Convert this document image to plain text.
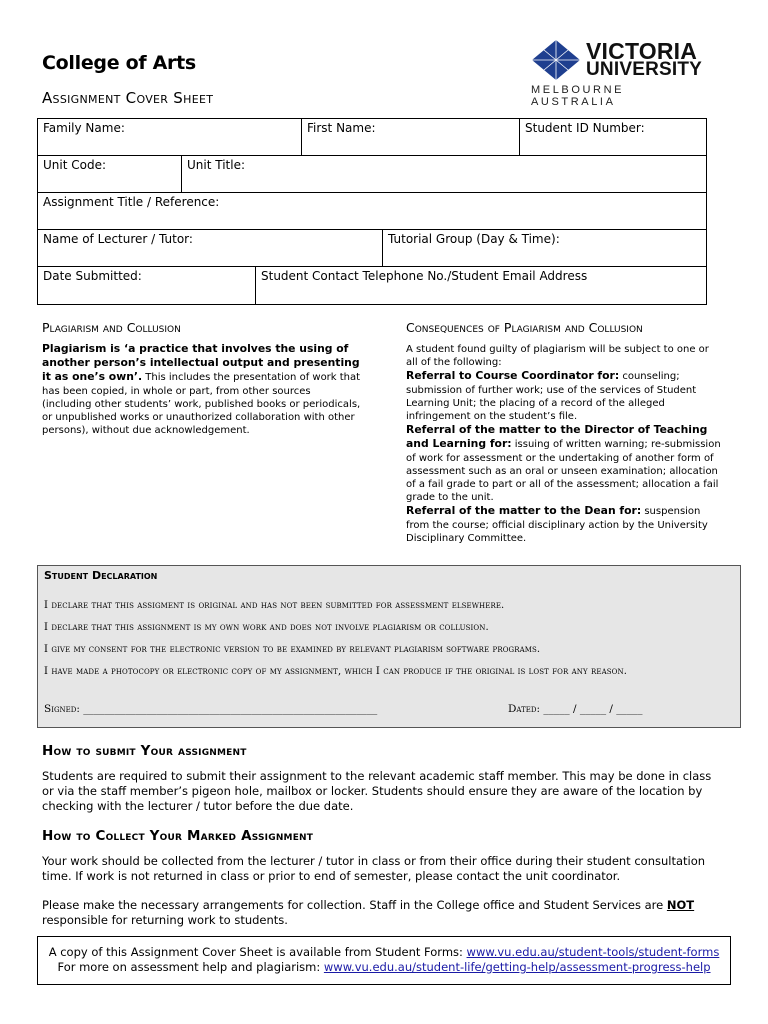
College of Arts
Assignment Cover Sheet
VICTORIA
UNIVERSITY
MELBOURNE AUSTRALIA
Family Name:	First Name:	Student ID Number:
Unit Code:	Unit Title:
Assignment Title / Reference:
Name of Lecturer / Tutor:	Tutorial Group (Day & Time):
Date Submitted:	Student Contact Telephone No./Student Email Address
Plagiarism and Collusion
Plagiarism is ‘a practice that involves the using of another person’s intellectual output and presenting it as one’s own’. This includes the presentation of work that has been copied, in whole or part, from other sources (including other students’ work, published books or periodicals, or unpublished works or unauthorized collaboration with other persons), without due acknowledgement.
Consequences of Plagiarism and Collusion
A student found guilty of plagiarism will be subject to one or all of the following:
Referral to Course Coordinator for: counseling; submission of further work; use of the services of Student Learning Unit; the placing of a record of the alleged infringement on the student’s file.
Referral of the matter to the Director of Teaching and Learning for: issuing of written warning; re-submission of work for assessment or the undertaking of another form of assessment such as an oral or unseen examination; allocation of a fail grade to part or all of the assessment; allocation a fail grade to the unit.
Referral of the matter to the Dean for: suspension from the course; official disciplinary action by the University Disciplinary Committee.
Student Declaration
I declare that this assigment is original and has not been submitted for assessment elsewhere.
I declare that this assignment is my own work and does not involve plagiarism or collusion.
I give my consent for the electronic version to be examined by relevant plagiarism software programs.
I have made a photocopy or electronic copy of my assignment, which I can produce if the original is lost for any reason.
Signed: ________________________________________________________	Dated: _____ / _____ / _____
How to submit Your assignment
Students are required to submit their assignment to the relevant academic staff member. This may be done in class or via the staff member’s pigeon hole, mailbox or locker. Students should ensure they are aware of the location by checking with the lecturer / tutor before the due date.
How to Collect Your Marked Assignment
Your work should be collected from the lecturer / tutor in class or from their office during their student consultation time. If work is not returned in class or prior to end of semester, please contact the unit coordinator.
Please make the necessary arrangements for collection. Staff in the College office and Student Services are NOT responsible for returning work to students.
A copy of this Assignment Cover Sheet is available from Student Forms: www.vu.edu.au/student-tools/student-forms
For more on assessment help and plagiarism: www.vu.edu.au/student-life/getting-help/assessment-progress-help
